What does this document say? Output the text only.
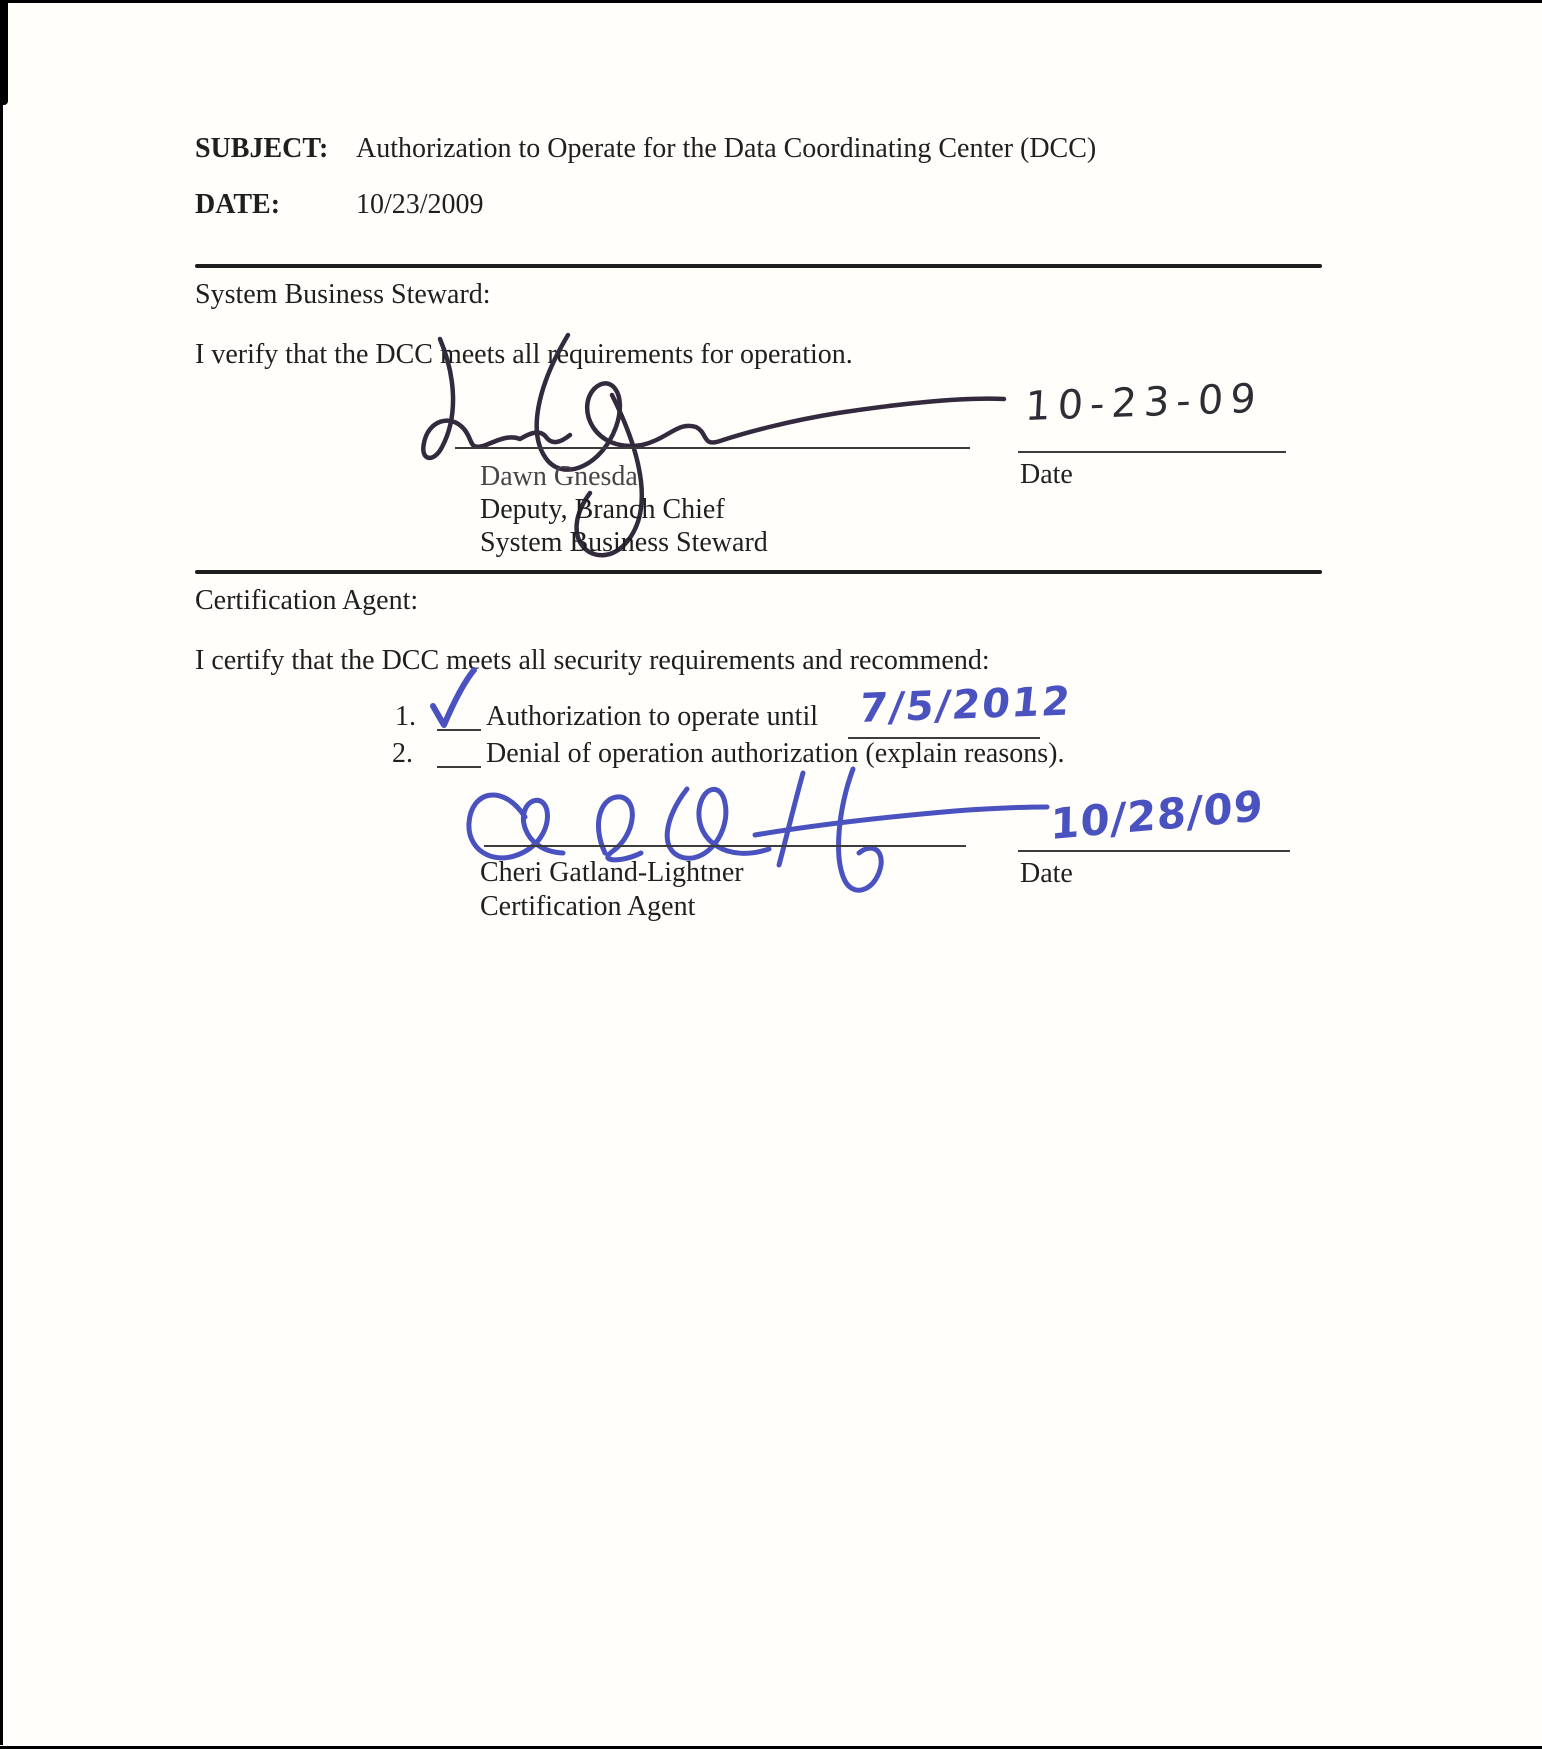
SUBJECT: Authorization to Operate for the Data Coordinating Center (DCC)
DATE:	10/23/2009
System Business Steward:
I verify that the DCC meets all requirements for operation.
10-23-09
Date
Dawn Gnesda
Deputy, Branch Chief
System Business Steward
Certification Agent:
I certify that the DCC meets all security requirements and recommend:
1.	Authorization to operate until 7/5/2012
2.	Denial of operation authorization (explain reasons).
10/28/09
Date
Cheri Gatland-Lightner
Certification Agent
